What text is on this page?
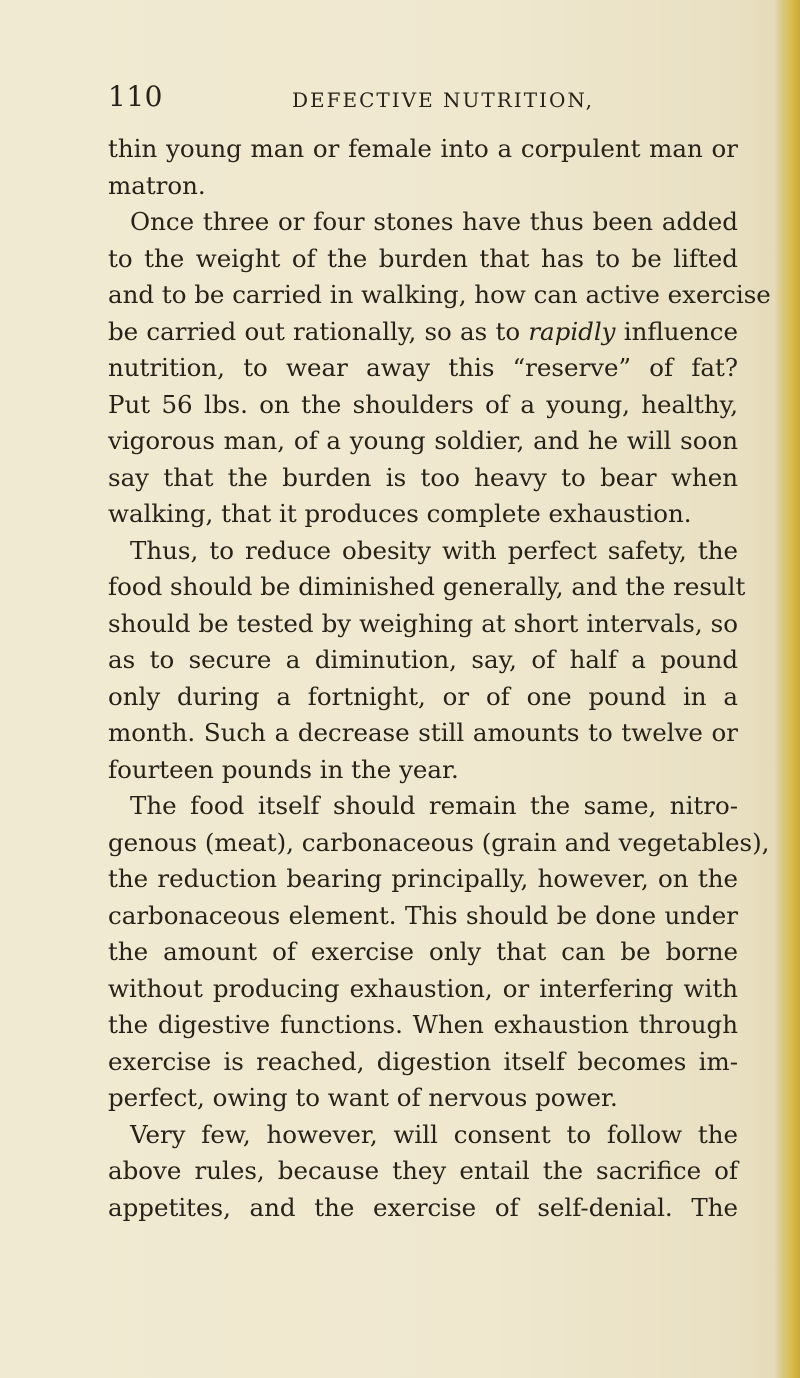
110	DEFECTIVE NUTRITION,
thin young man or female into a corpulent man or
matron.
Once three or four stones have thus been added
to the weight of the burden that has to be lifted
and to be carried in walking, how can active exercise
be carried out rationally, so as to rapidly influence
nutrition, to wear away this “reserve” of fat?
Put 56 lbs. on the shoulders of a young, healthy,
vigorous man, of a young soldier, and he will soon
say that the burden is too heavy to bear when
walking, that it produces complete exhaustion.
Thus, to reduce obesity with perfect safety, the
food should be diminished generally, and the result
should be tested by weighing at short intervals, so
as to secure a diminution, say, of half a pound
only during a fortnight, or of one pound in a
month. Such a decrease still amounts to twelve or
fourteen pounds in the year.
The food itself should remain the same, nitro-
genous (meat), carbonaceous (grain and vegetables),
the reduction bearing principally, however, on the
carbonaceous element. This should be done under
the amount of exercise only that can be borne
without producing exhaustion, or interfering with
the digestive functions. When exhaustion through
exercise is reached, digestion itself becomes im-
perfect, owing to want of nervous power.
Very few, however, will consent to follow the
above rules, because they entail the sacrifice of
appetites, and the exercise of self-denial. The
